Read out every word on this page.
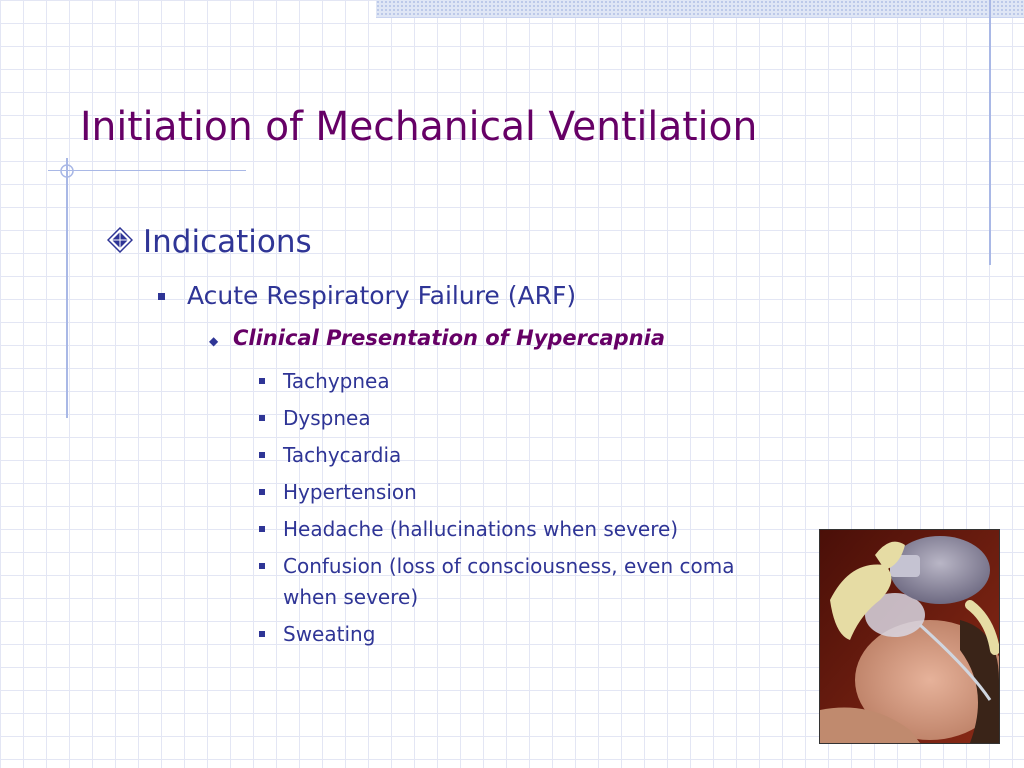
Initiation of Mechanical Ventilation
Indications
Acute Respiratory Failure (ARF)
◆ Clinical Presentation of Hypercapnia
Tachypnea
Dyspnea
Tachycardia
Hypertension
Headache (hallucinations when severe)
Confusion (loss of consciousness, even coma when severe)
Sweating
